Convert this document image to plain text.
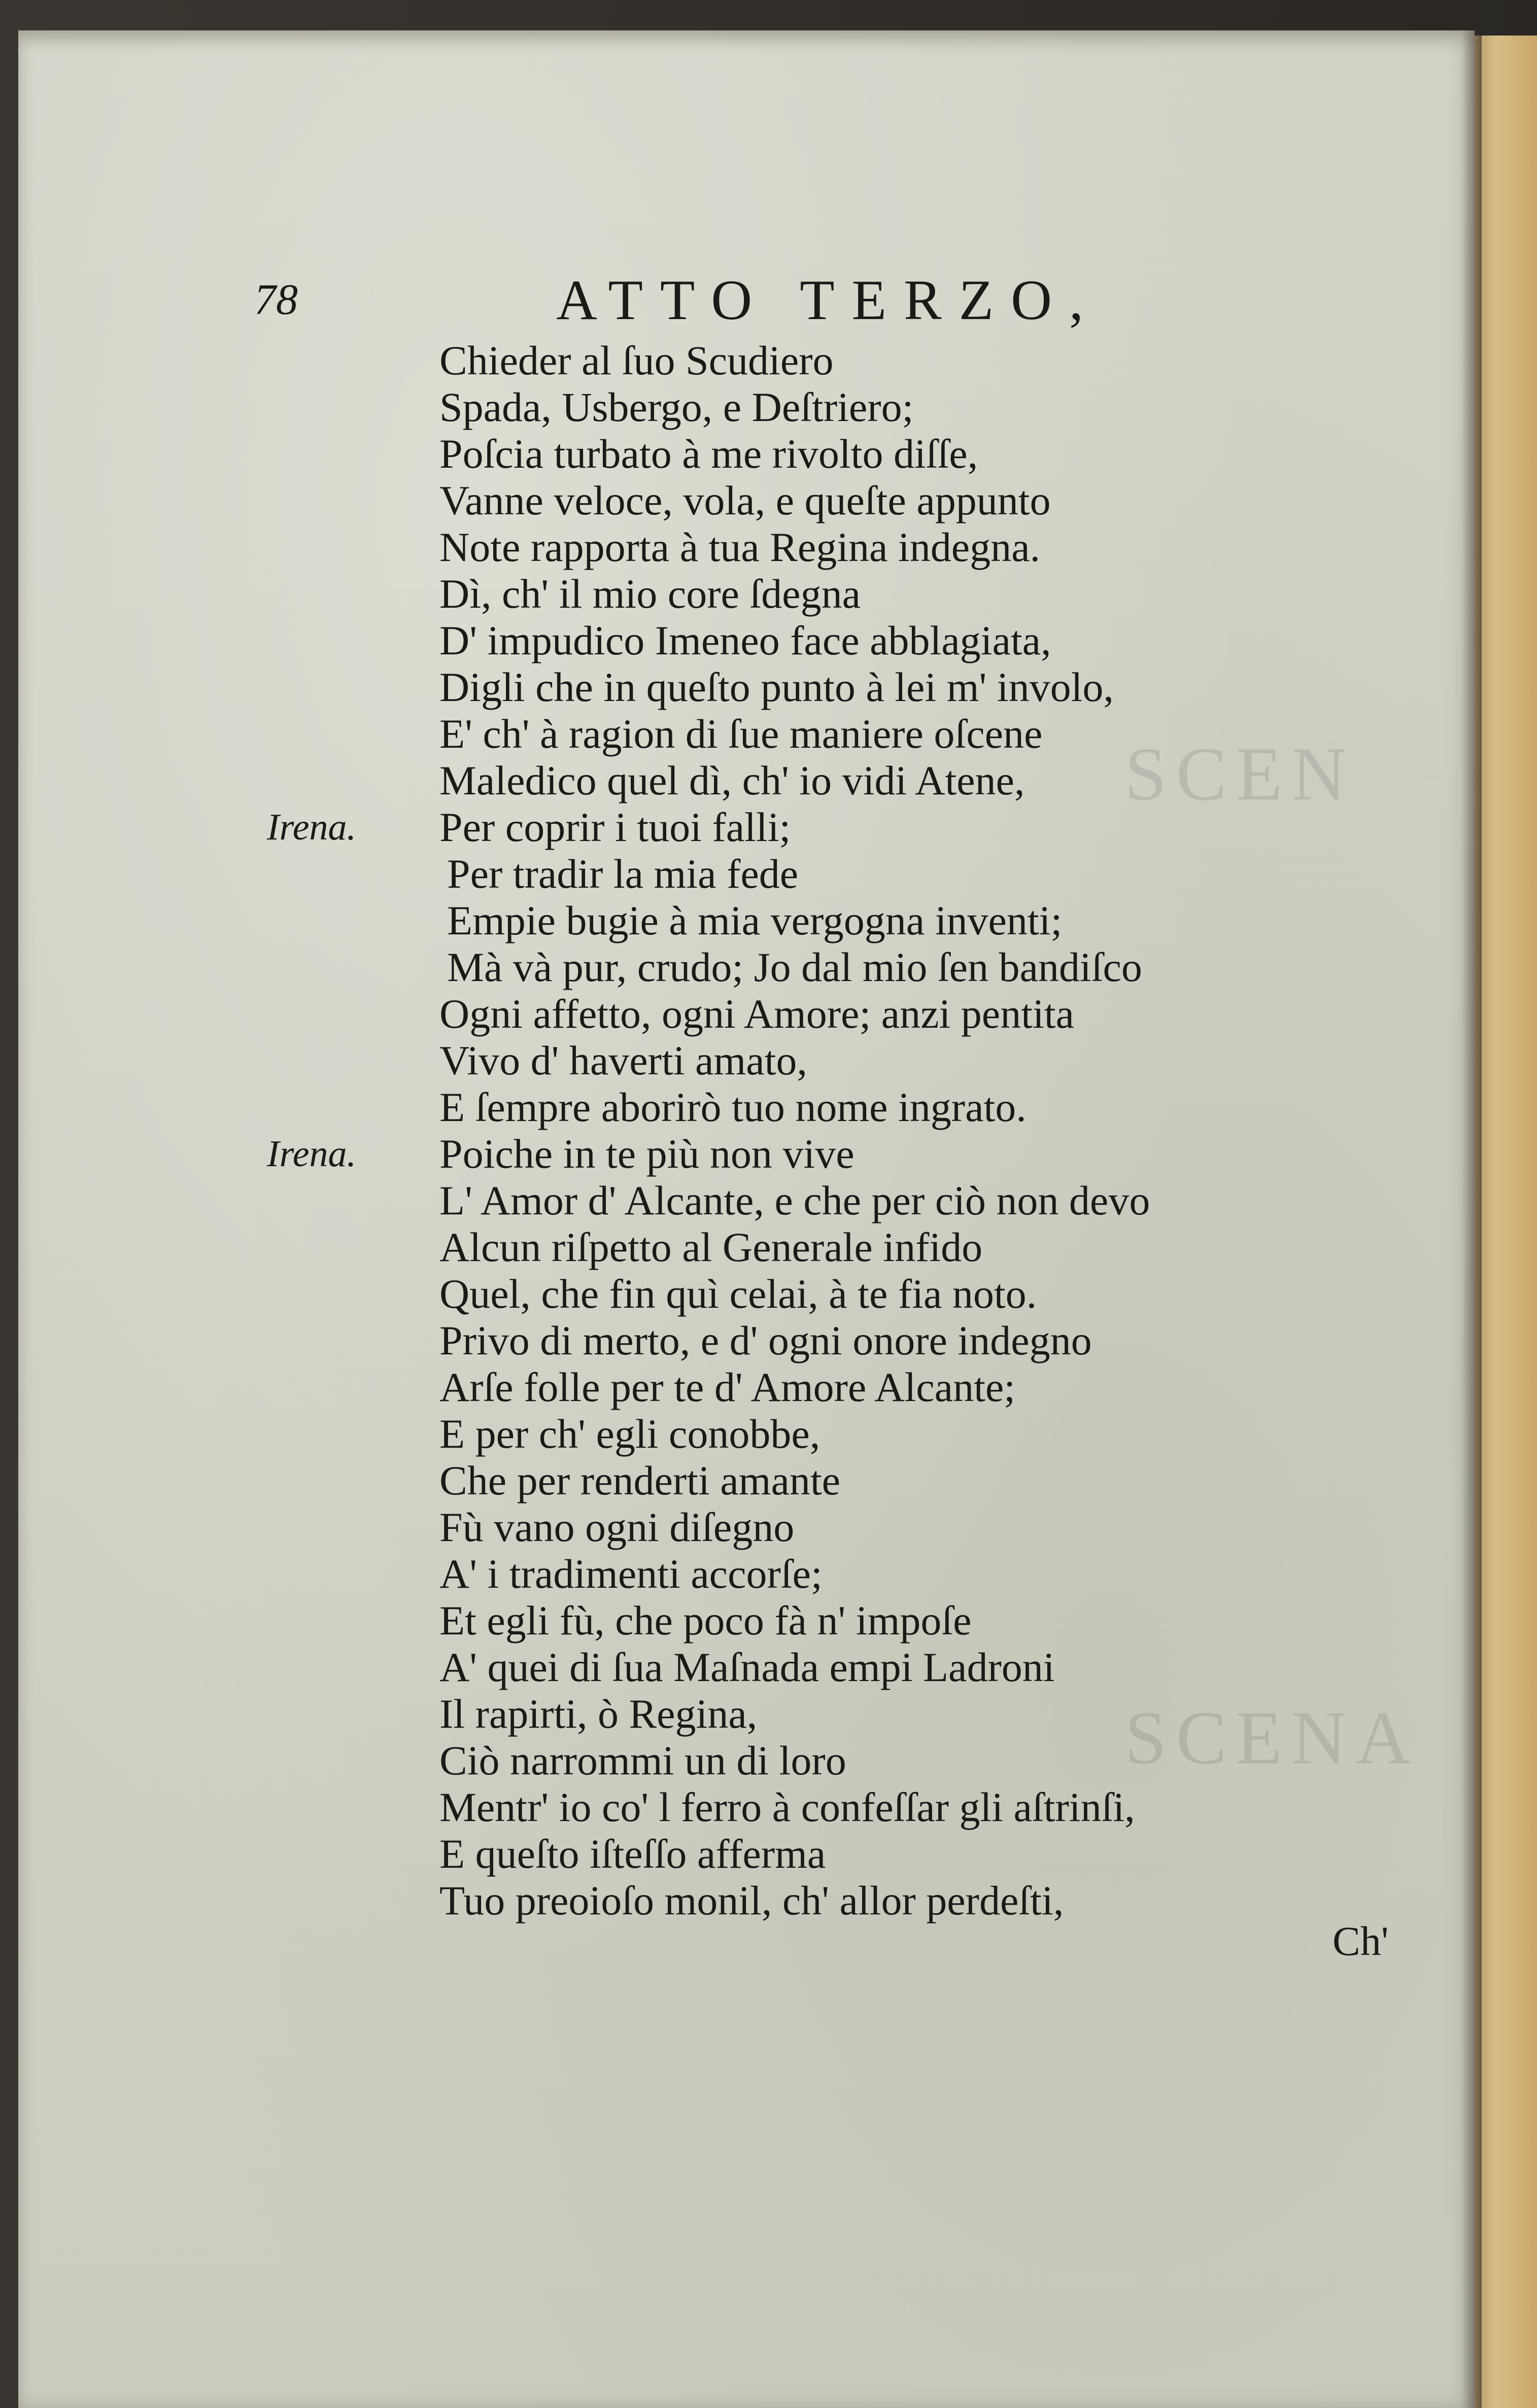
SCEN
SCENA
78	ATTO TERZO,
Chieder al ſuo Scudiero
Spada, Usbergo, e Deſtriero;
Poſcia turbato à me rivolto diſſe,
Vanne veloce, vola, e queſte appunto
Note rapporta à tua Regina indegna.
Dì, ch' il mio core ſdegna
D' impudico Imeneo face abblagiata,
Digli che in queſto punto à lei m' involo,
E' ch' à ragion di ſue maniere oſcene
Maledico quel dì, ch' io vidi Atene,
Irena. Per coprir i tuoi falli;
Per tradir la mia fede
Empie bugie à mia vergogna inventi;
Mà và pur, crudo; Jo dal mio ſen bandiſco
Ogni affetto, ogni Amore; anzi pentita
Vivo d' haverti amato,
E ſempre aborirò tuo nome ingrato.
Irena. Poiche in te più non vive
L' Amor d' Alcante, e che per ciò non devo
Alcun riſpetto al Generale infido
Quel, che fin quì celai, à te fia noto.
Privo di merto, e d' ogni onore indegno
Arſe folle per te d' Amore Alcante;
E per ch' egli conobbe,
Che per renderti amante
Fù vano ogni diſegno
A' i tradimenti accorſe;
Et egli fù, che poco fà n' impoſe
A' quei di ſua Maſnada empi Ladroni
Il rapirti, ò Regina,
Ciò narrommi un di loro
Mentr' io co' l ferro à confeſſar gli aſtrinſi,
E queſto iſteſſo afferma
Tuo preoioſo monil, ch' allor perdeſti,
Ch'
